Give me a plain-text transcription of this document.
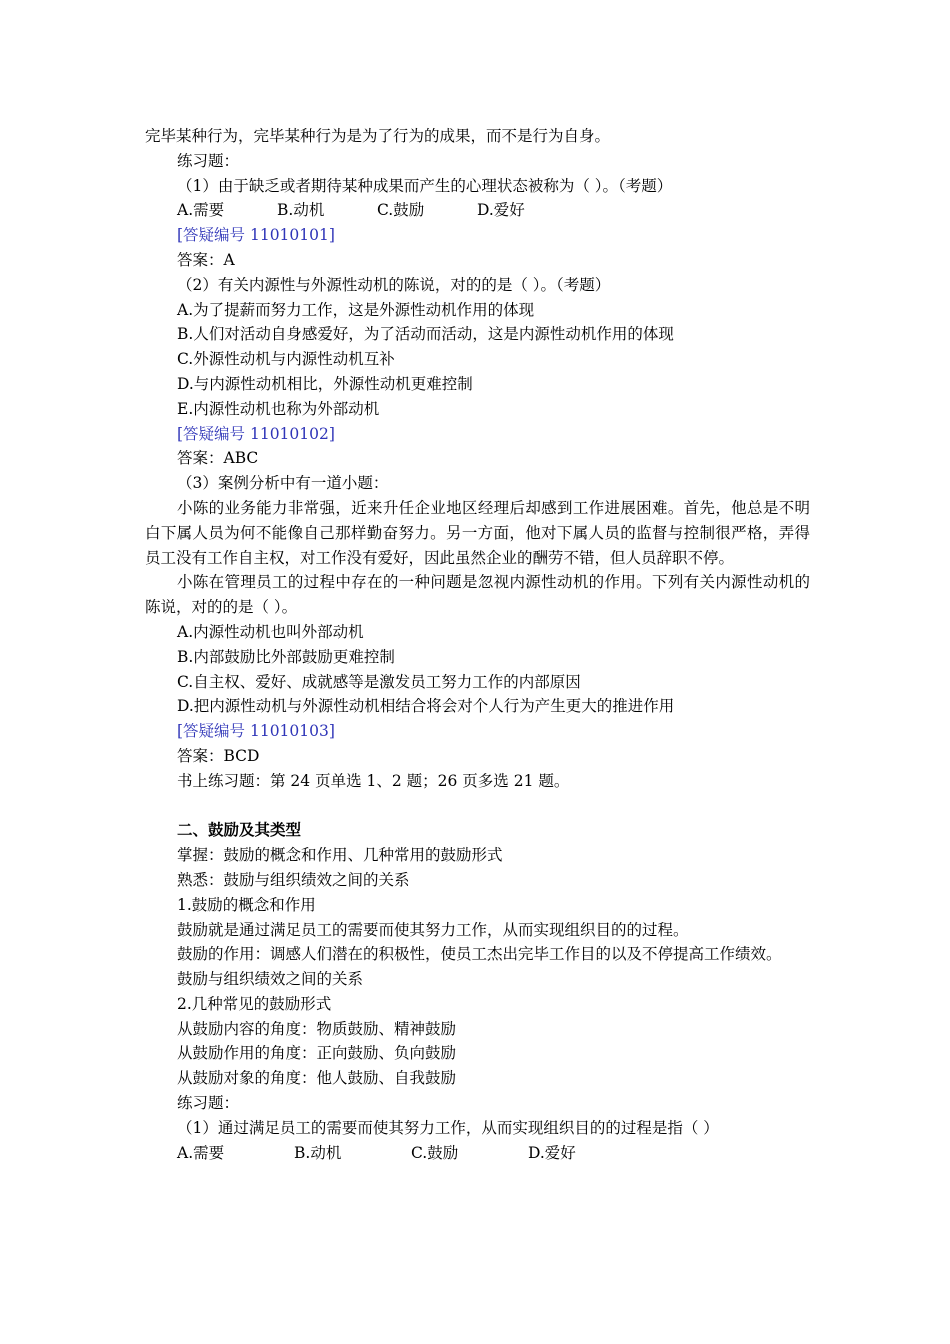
完毕某种行为，完毕某种行为是为了行为的成果，而不是行为自身。
练习题：
（1）由于缺乏或者期待某种成果而产生的心理状态被称为（ ）。（考题）
A.需要	B.动机	C.鼓励	D.爱好
[答疑编号 11010101]
答案：A
（2）有关内源性与外源性动机的陈说，对的的是（ ）。（考题）
A.为了提薪而努力工作，这是外源性动机作用的体现
B.人们对活动自身感爱好，为了活动而活动，这是内源性动机作用的体现
C.外源性动机与内源性动机互补
D.与内源性动机相比，外源性动机更难控制
E.内源性动机也称为外部动机
[答疑编号 11010102]
答案：ABC
（3）案例分析中有一道小题：
小陈的业务能力非常强，近来升任企业地区经理后却感到工作进展困难。首先，他总是不明白下属人员为何不能像自己那样勤奋努力。另一方面，他对下属人员的监督与控制很严格，弄得员工没有工作自主权，对工作没有爱好，因此虽然企业的酬劳不错，但人员辞职不停。
小陈在管理员工的过程中存在的一种问题是忽视内源性动机的作用。下列有关内源性动机的陈说，对的的是（ ）。
A.内源性动机也叫外部动机
B.内部鼓励比外部鼓励更难控制
C.自主权、爱好、成就感等是激发员工努力工作的内部原因
D.把内源性动机与外源性动机相结合将会对个人行为产生更大的推进作用
[答疑编号 11010103]
答案：BCD
书上练习题：第 24 页单选 1、2 题；26 页多选 21 题。
二、鼓励及其类型
掌握：鼓励的概念和作用、几种常用的鼓励形式
熟悉：鼓励与组织绩效之间的关系
1.鼓励的概念和作用
鼓励就是通过满足员工的需要而使其努力工作，从而实现组织目的的过程。
鼓励的作用：调感人们潜在的积极性，使员工杰出完毕工作目的以及不停提高工作绩效。
鼓励与组织绩效之间的关系
2.几种常见的鼓励形式
从鼓励内容的角度：物质鼓励、精神鼓励
从鼓励作用的角度：正向鼓励、负向鼓励
从鼓励对象的角度：他人鼓励、自我鼓励
练习题：
（1）通过满足员工的需要而使其努力工作，从而实现组织目的的过程是指（ ）
A.需要	B.动机	C.鼓励	D.爱好
